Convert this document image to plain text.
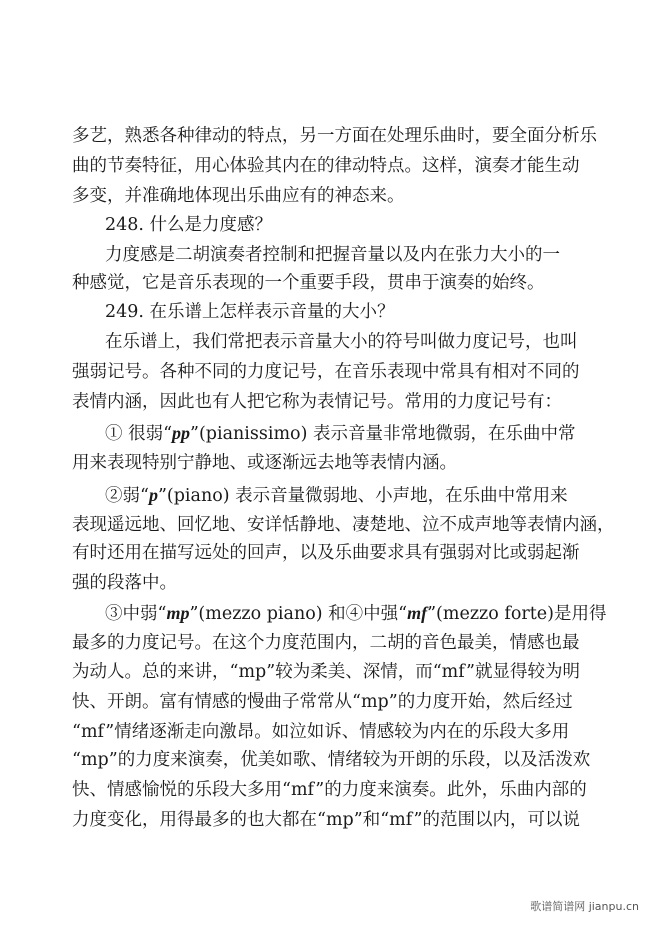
多艺，熟悉各种律动的特点，另一方面在处理乐曲时，要全面分析乐
曲的节奏特征，用心体验其内在的律动特点。这样，演奏才能生动
多变，并准确地体现出乐曲应有的神态来。
248. 什么是力度感？
力度感是二胡演奏者控制和把握音量以及内在张力大小的一
种感觉，它是音乐表现的一个重要手段，贯串于演奏的始终。
249. 在乐谱上怎样表示音量的大小？
在乐谱上，我们常把表示音量大小的符号叫做力度记号，也叫
强弱记号。各种不同的力度记号，在音乐表现中常具有相对不同的
表情内涵，因此也有人把它称为表情记号。常用的力度记号有：
① 很弱“pp”(pianissimo) 表示音量非常地微弱，在乐曲中常
用来表现特别宁静地、或逐渐远去地等表情内涵。
②弱“p”(piano) 表示音量微弱地、小声地，在乐曲中常用来
表现遥远地、回忆地、安详恬静地、凄楚地、泣不成声地等表情内涵，
有时还用在描写远处的回声，以及乐曲要求具有强弱对比或弱起渐
强的段落中。
③中弱“mp”(mezzo piano) 和④中强“mf”(mezzo forte)是用得
最多的力度记号。在这个力度范围内，二胡的音色最美，情感也最
为动人。总的来讲，“mp”较为柔美、深情，而“mf”就显得较为明
快、开朗。富有情感的慢曲子常常从“mp”的力度开始，然后经过
“mf”情绪逐渐走向激昂。如泣如诉、情感较为内在的乐段大多用
“mp”的力度来演奏，优美如歌、情绪较为开朗的乐段，以及活泼欢
快、情感愉悦的乐段大多用“mf”的力度来演奏。此外，乐曲内部的
力度变化，用得最多的也大都在“mp”和“mf”的范围以内，可以说
歌谱简谱网 jianpu.cn
